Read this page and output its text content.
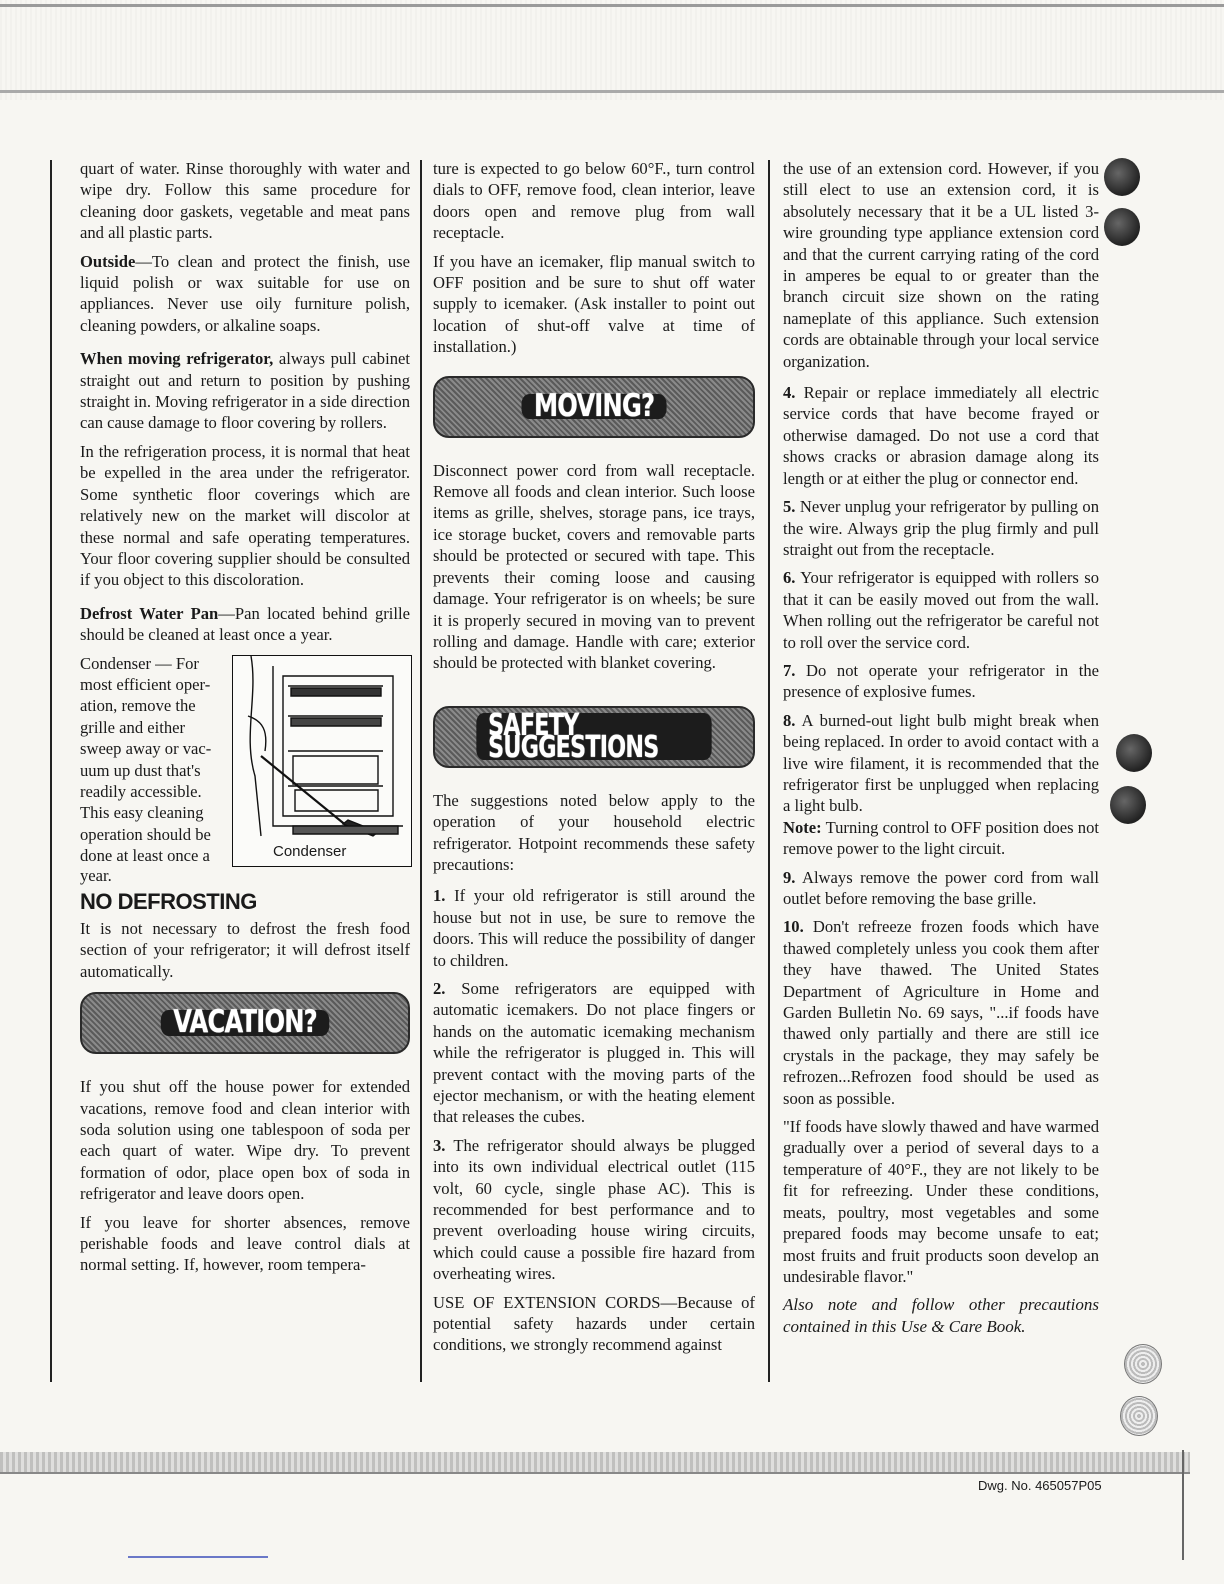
quart of water. Rinse thoroughly with water and wipe dry. Follow this same procedure for cleaning door gaskets, vegetable and meat pans and all plastic parts.

Outside—To clean and protect the finish, use liquid polish or wax suitable for use on appliances. Never use oily furniture polish, cleaning powders, or alkaline soaps.

When moving refrigerator, always pull cabinet straight out and return to position by pushing straight in. Moving refrigerator in a side direction can cause damage to floor covering by rollers.

In the refrigeration process, it is normal that heat be expelled in the area under the refrigerator. Some synthetic floor coverings which are relatively new on the market will discolor at these normal and safe operating temperatures. Your floor covering supplier should be consulted if you object to this discoloration.

Defrost Water Pan—Pan located behind grille should be cleaned at least once a year.

Condenser — For
most efficient oper-
ation, remove the
grille and either
sweep away or vac-
uum up dust that's
readily accessible.
This easy cleaning
operation should be
done at least once a
year.
Condenser
NO DEFROSTING

It is not necessary to defrost the fresh food section of your refrigerator; it will defrost itself automatically.

VACATION?

If you shut off the house power for extended vacations, remove food and clean interior with soda solution using one tablespoon of soda per each quart of water. Wipe dry. To prevent formation of odor, place open box of soda in refrigerator and leave doors open.

If you leave for shorter absences, remove perishable foods and leave control dials at normal setting. If, however, room tempera-

ture is expected to go below 60°F., turn control dials to OFF, remove food, clean interior, leave doors open and remove plug from wall receptacle.

If you have an icemaker, flip manual switch to OFF position and be sure to shut off water supply to icemaker. (Ask installer to point out location of shut-off valve at time of installation.)

MOVING?

Disconnect power cord from wall receptacle. Remove all foods and clean interior. Such loose items as grille, shelves, storage pans, ice trays, ice storage bucket, covers and removable parts should be protected or secured with tape. This prevents their coming loose and causing damage. Your refrigerator is on wheels; be sure it is properly secured in moving van to prevent rolling and damage. Handle with care; exterior should be protected with blanket covering.

SAFETY SUGGESTIONS

The suggestions noted below apply to the operation of your household electric refrigerator. Hotpoint recommends these safety precautions:

1. If your old refrigerator is still around the house but not in use, be sure to remove the doors. This will reduce the possibility of danger to children.

2. Some refrigerators are equipped with automatic icemakers. Do not place fingers or hands on the automatic icemaking mechanism while the refrigerator is plugged in. This will prevent contact with the moving parts of the ejector mechanism, or with the heating element that releases the cubes.

3. The refrigerator should always be plugged into its own individual electrical outlet (115 volt, 60 cycle, single phase AC). This is recommended for best performance and to prevent overloading house wiring circuits, which could cause a possible fire hazard from overheating wires.

USE OF EXTENSION CORDS—Because of potential safety hazards under certain conditions, we strongly recommend against

the use of an extension cord. However, if you still elect to use an extension cord, it is absolutely necessary that it be a UL listed 3-wire grounding type appliance extension cord and that the current carrying rating of the cord in amperes be equal to or greater than the branch circuit size shown on the rating nameplate of this appliance. Such extension cords are obtainable through your local service organization.

4. Repair or replace immediately all electric service cords that have become frayed or otherwise damaged. Do not use a cord that shows cracks or abrasion damage along its length or at either the plug or connector end.

5. Never unplug your refrigerator by pulling on the wire. Always grip the plug firmly and pull straight out from the receptacle.

6. Your refrigerator is equipped with rollers so that it can be easily moved out from the wall. When rolling out the refrigerator be careful not to roll over the service cord.

7. Do not operate your refrigerator in the presence of explosive fumes.

8. A burned-out light bulb might break when being replaced. In order to avoid contact with a live wire filament, it is recommended that the refrigerator first be unplugged when replacing a light bulb.

Note: Turning control to OFF position does not remove power to the light circuit.

9. Always remove the power cord from wall outlet before removing the base grille.

10. Don't refreeze frozen foods which have thawed completely unless you cook them after they have thawed. The United States Department of Agriculture in Home and Garden Bulletin No. 69 says, "...if foods have thawed only partially and there are still ice crystals in the package, they may safely be refrozen...Refrozen food should be used as soon as possible.

"If foods have slowly thawed and have warmed gradually over a period of several days to a temperature of 40°F., they are not likely to be fit for refreezing. Under these conditions, meats, poultry, most vegetables and some prepared foods may become unsafe to eat; most fruits and fruit products soon develop an undesirable flavor."

Also note and follow other precautions contained in this Use & Care Book.

Dwg. No. 465057P05
